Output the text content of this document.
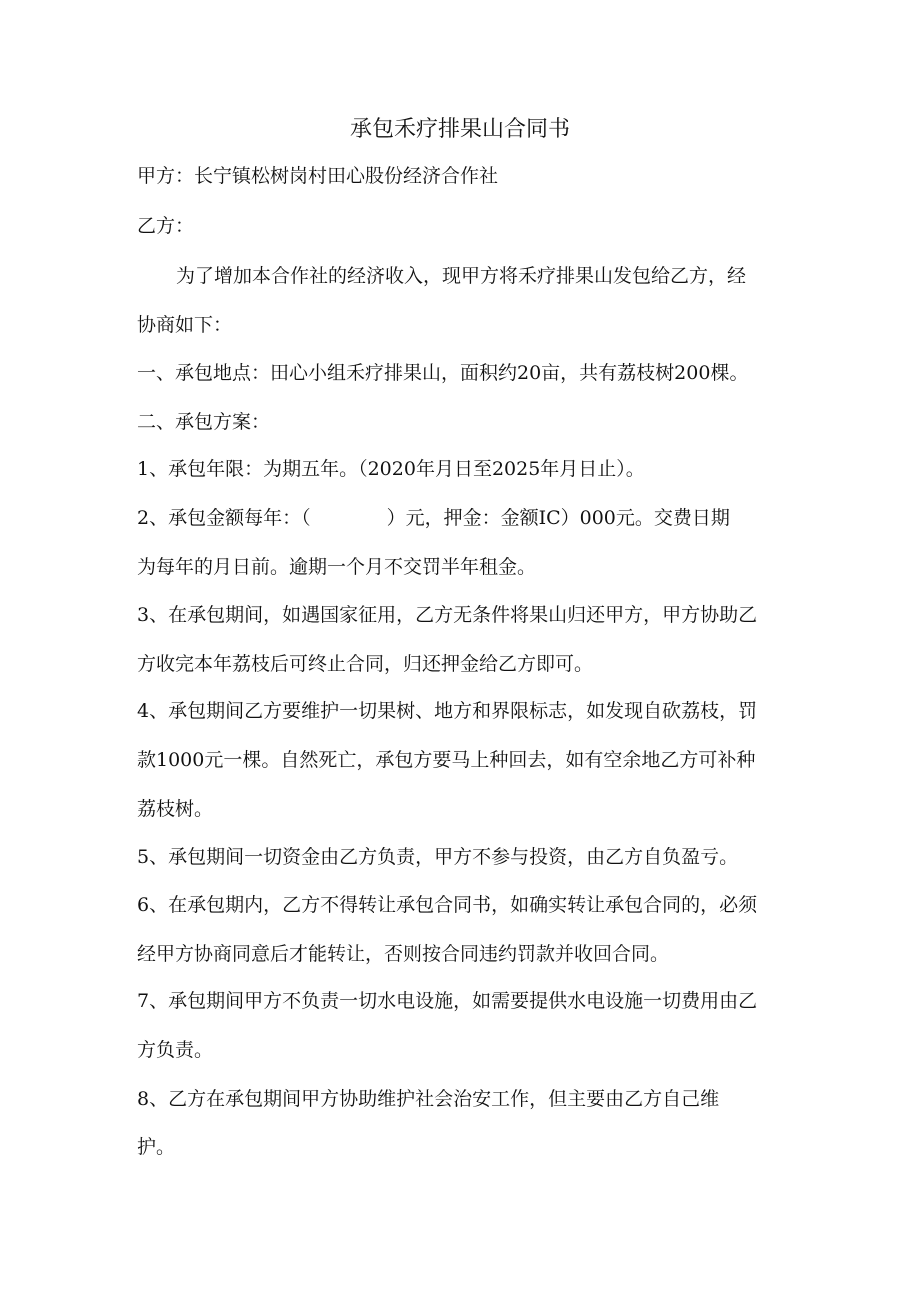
承包禾疗排果山合同书
甲方：长宁镇松树岗村田心股份经济合作社
乙方：
为了增加本合作社的经济收入，现甲方将禾疗排果山发包给乙方，经
协商如下：
一、承包地点：田心小组禾疗排果山，面积约20亩，共有荔枝树200棵。
二、承包方案：
1、承包年限：为期五年。（2020年月日至2025年月日止）。
2、承包金额每年：（　　　　）元，押金：金额IC）000元。交费日期
为每年的月日前。逾期一个月不交罚半年租金。
3、在承包期间，如遇国家征用，乙方无条件将果山归还甲方，甲方协助乙
方收完本年荔枝后可终止合同，归还押金给乙方即可。
4、承包期间乙方要维护一切果树、地方和界限标志，如发现自砍荔枝，罚
款1000元一棵。自然死亡，承包方要马上种回去，如有空余地乙方可补种
荔枝树。
5、承包期间一切资金由乙方负责，甲方不参与投资，由乙方自负盈亏。
6、在承包期内，乙方不得转让承包合同书，如确实转让承包合同的，必须
经甲方协商同意后才能转让，否则按合同违约罚款并收回合同。
7、承包期间甲方不负责一切水电设施，如需要提供水电设施一切费用由乙
方负责。
8、乙方在承包期间甲方协助维护社会治安工作，但主要由乙方自己维
护。
